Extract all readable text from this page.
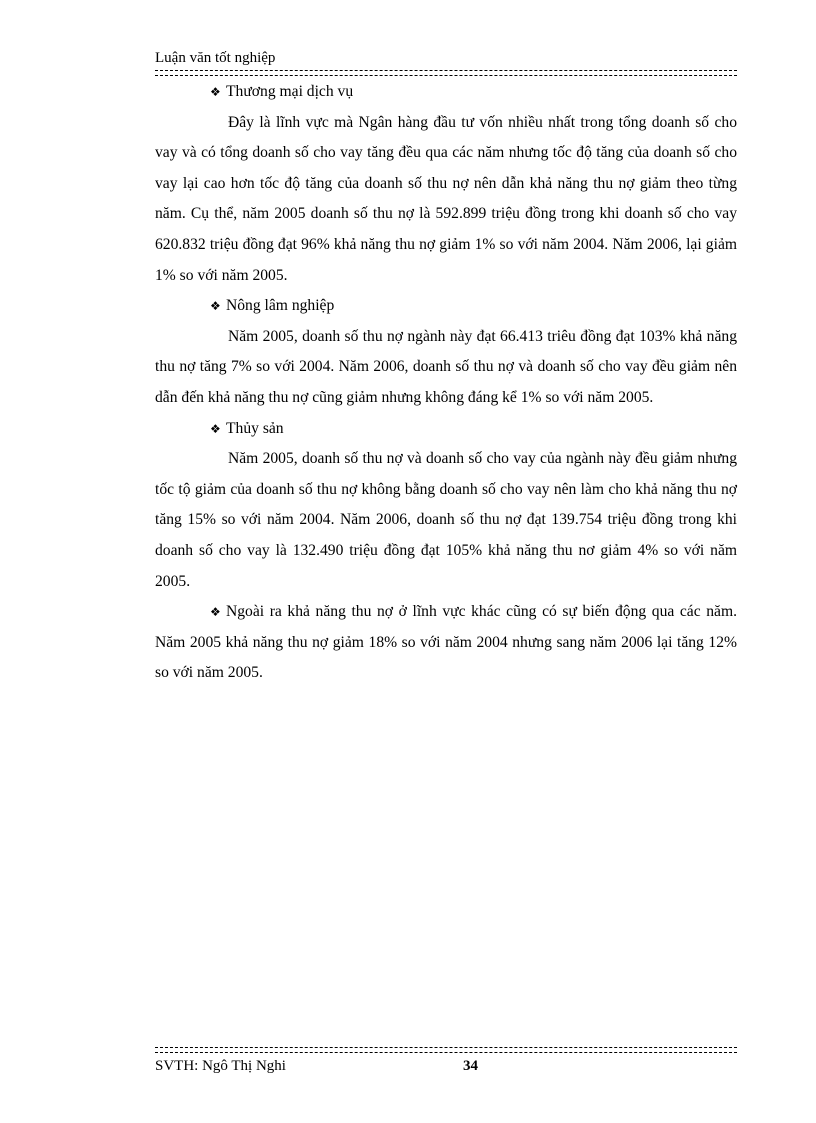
Luận văn tốt nghiệp
❖ Thương mại dịch vụ

Đây là lĩnh vực mà Ngân hàng đầu tư vốn nhiều nhất trong tổng doanh số cho vay và có tổng doanh số cho vay tăng đều qua các năm nhưng tốc độ tăng của doanh số cho vay lại cao hơn tốc độ tăng của doanh số thu nợ nên dẫn khả năng thu nợ giảm theo từng năm. Cụ thể, năm 2005 doanh số thu nợ là 592.899 triệu đồng trong khi doanh số cho vay 620.832 triệu đồng đạt 96% khả năng thu nợ giảm 1% so với năm 2004. Năm 2006, lại giảm 1% so với năm 2005.

❖ Nông lâm nghiệp

Năm 2005, doanh số thu nợ ngành này đạt 66.413 triêu đồng đạt 103% khả năng thu nợ tăng 7% so với 2004. Năm 2006, doanh số thu nợ và doanh số cho vay đều giảm nên dẫn đến khả năng thu nợ cũng giảm nhưng không đáng kể 1% so với năm 2005.

❖ Thủy sản

Năm 2005, doanh số thu nợ và doanh số cho vay của ngành này đều giảm nhưng tốc tộ giảm của doanh số thu nợ không bằng doanh số cho vay nên làm cho khả năng thu nợ tăng 15% so với năm 2004. Năm 2006, doanh số thu nợ đạt 139.754 triệu đồng trong khi doanh số cho vay là 132.490 triệu đồng đạt 105% khả năng thu nơ giảm 4% so với năm 2005.

❖ Ngoài ra khả năng thu nợ ở lĩnh vực khác cũng có sự biến động qua các năm. Năm 2005 khả năng thu nợ giảm 18% so với năm 2004 nhưng sang năm 2006 lại tăng 12% so với năm 2005.

SVTH: Ngô Thị Nghi	34
